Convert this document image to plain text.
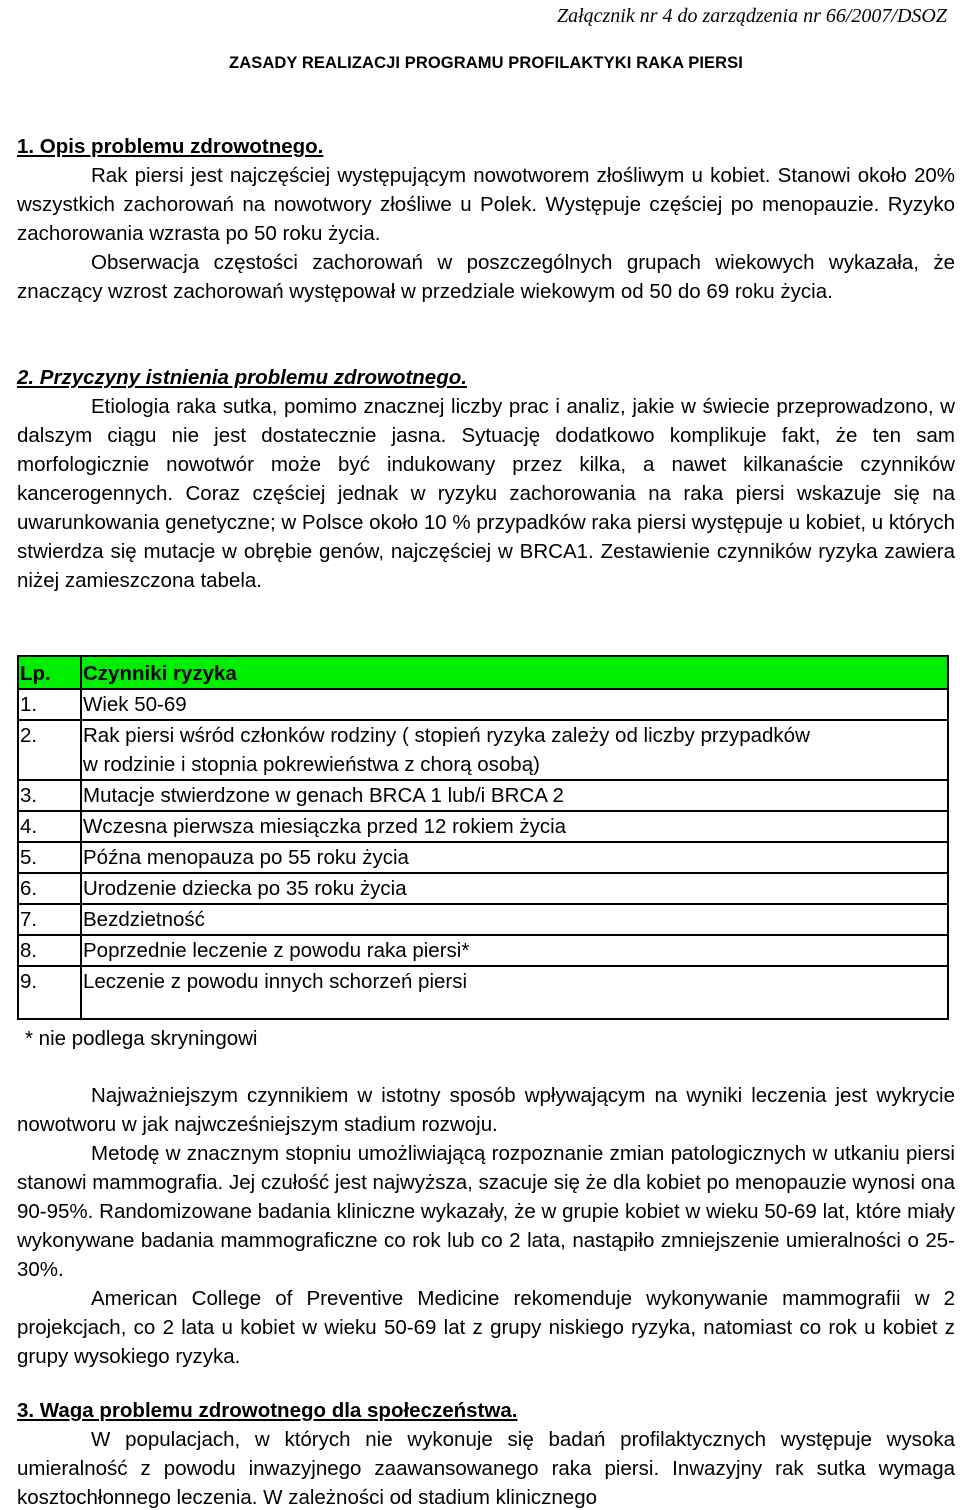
Załącznik nr 4 do zarządzenia nr 66/2007/DSOZ
ZASADY REALIZACJI PROGRAMU PROFILAKTYKI RAKA PIERSI
1. Opis problemu zdrowotnego.

Rak piersi jest najczęściej występującym nowotworem złośliwym u kobiet. Stanowi około 20% wszystkich zachorowań na nowotwory złośliwe u Polek. Występuje częściej po menopauzie. Ryzyko zachorowania wzrasta po 50 roku życia.

Obserwacja częstości zachorowań w poszczególnych grupach wiekowych wykazała, że znaczący wzrost zachorowań występował w przedziale wiekowym od 50 do 69 roku życia.

2. Przyczyny istnienia problemu zdrowotnego.

Etiologia raka sutka, pomimo znacznej liczby prac i analiz, jakie w świecie przeprowadzono, w dalszym ciągu nie jest dostatecznie jasna. Sytuację dodatkowo komplikuje fakt, że ten sam morfologicznie nowotwór może być indukowany przez kilka, a nawet kilkanaście czynników kancerogennych. Coraz częściej jednak w ryzyku zachorowania na raka piersi wskazuje się na uwarunkowania genetyczne; w Polsce około 10 % przypadków raka piersi występuje u kobiet, u których stwierdza się mutacje w obrębie genów, najczęściej w BRCA1. Zestawienie czynników ryzyka zawiera niżej zamieszczona tabela.

Lp.	Czynniki ryzyka
1.	Wiek 50-69
2.	Rak piersi wśród członków rodziny ( stopień ryzyka zależy od liczby przypadków
w rodzinie i stopnia pokrewieństwa z chorą osobą)

3.	Mutacje stwierdzone w genach BRCA 1 lub/i BRCA 2
4.	Wczesna pierwsza miesiączka przed 12 rokiem życia
5.	Późna menopauza po 55 roku życia
6.	Urodzenie dziecka po 35 roku życia
7.	Bezdzietność
8.	Poprzednie leczenie z powodu raka piersi*
9.	Leczenie z powodu innych schorzeń piersi
* nie podlega skryningowi

Najważniejszym czynnikiem w istotny sposób wpływającym na wyniki leczenia jest wykrycie nowotworu w jak najwcześniejszym stadium rozwoju.

Metodę w znacznym stopniu umożliwiającą rozpoznanie zmian patologicznych w utkaniu piersi stanowi mammografia. Jej czułość jest najwyższa, szacuje się że dla kobiet po menopauzie wynosi ona 90-95%. Randomizowane badania kliniczne wykazały, że w grupie kobiet w wieku 50-69 lat, które miały wykonywane badania mammograficzne co rok lub co 2 lata, nastąpiło zmniejszenie umieralności o 25-30%.

American College of Preventive Medicine rekomenduje wykonywanie mammografii w 2 projekcjach, co 2 lata u kobiet w wieku 50-69 lat z grupy niskiego ryzyka, natomiast co rok u kobiet z grupy wysokiego ryzyka.

3. Waga problemu zdrowotnego dla społeczeństwa.

W populacjach, w których nie wykonuje się badań profilaktycznych występuje wysoka umieralność z powodu inwazyjnego zaawansowanego raka piersi. Inwazyjny rak sutka wymaga kosztochłonnego leczenia. W zależności od stadium klinicznego
